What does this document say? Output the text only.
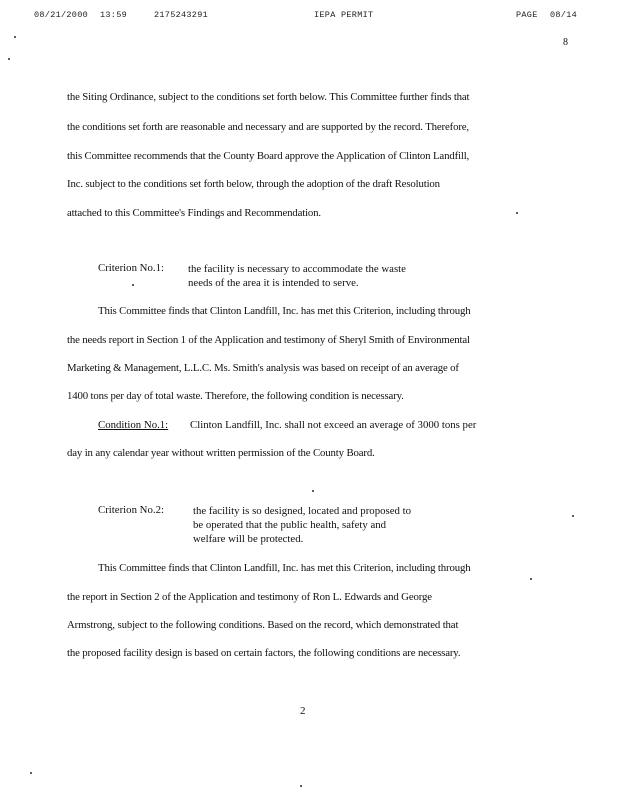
08/21/2000 13:59	2175243291	IEPA PERMIT	PAGE 08/14
8
the Siting Ordinance, subject to the conditions set forth below. This Committee further finds that
the conditions set forth are reasonable and necessary and are supported by the record. Therefore,
this Committee recommends that the County Board approve the Application of Clinton Landfill,
Inc. subject to the conditions set forth below, through the adoption of the draft Resolution
attached to this Committee's Findings and Recommendation.
Criterion No.1: the facility is necessary to accommodate the waste
needs of the area it is intended to serve.
This Committee finds that Clinton Landfill, Inc. has met this Criterion, including through
the needs report in Section 1 of the Application and testimony of Sheryl Smith of Environmental
Marketing & Management, L.L.C. Ms. Smith's analysis was based on receipt of an average of
1400 tons per day of total waste. Therefore, the following condition is necessary.
Condition No.1: Clinton Landfill, Inc. shall not exceed an average of 3000 tons per
day in any calendar year without written permission of the County Board.
Criterion No.2:	the facility is so designed, located and proposed to
be operated that the public health, safety and
welfare will be protected.
This Committee finds that Clinton Landfill, Inc. has met this Criterion, including through
the report in Section 2 of the Application and testimony of Ron L. Edwards and George
Armstrong, subject to the following conditions. Based on the record, which demonstrated that
the proposed facility design is based on certain factors, the following conditions are necessary.
2
